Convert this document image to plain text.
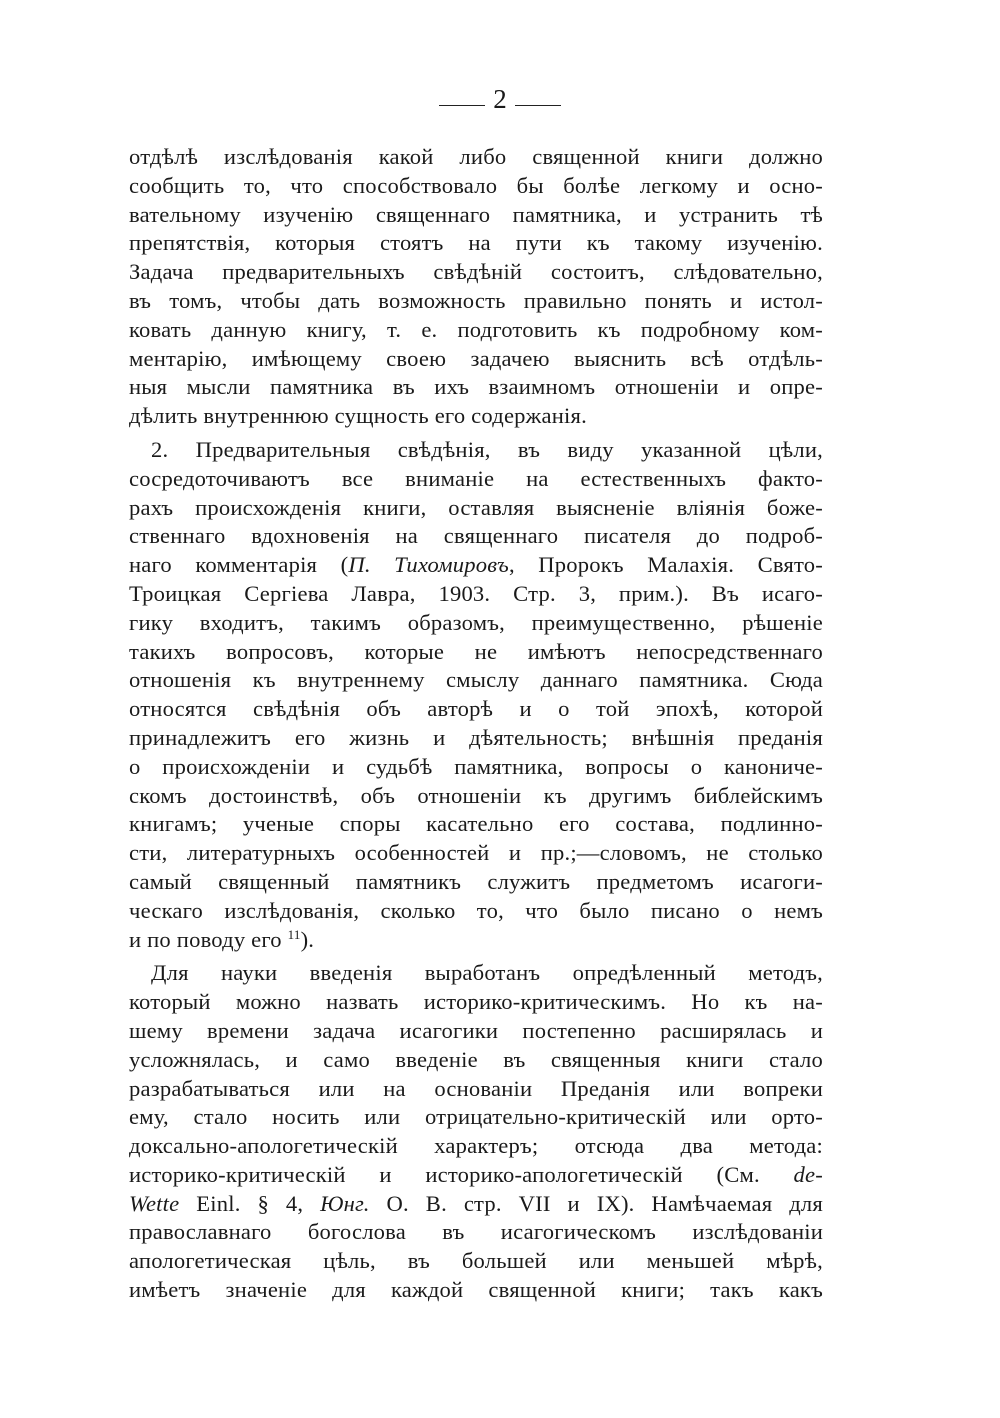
2
отдѣлѣ изслѣдованія какой либо священной книги должно
сообщить то, что способствовало бы болѣе легкому и осно-
вательному изученію священнаго памятника, и устранить тѣ
препятствія, которыя стоятъ на пути къ такому изученію.
Задача предварительныхъ свѣдѣній состоитъ, слѣдовательно,
въ томъ, чтобы дать возможность правильно понять и истол-
ковать данную книгу, т. е. подготовить къ подробному ком-
ментарію, имѣющему своею задачею выяснить всѣ отдѣль-
ныя мысли памятника въ ихъ взаимномъ отношеніи и опре-
дѣлить внутреннюю сущность его содержанія.
2. Предварительныя свѣдѣнія, въ виду указанной цѣли,
сосредоточиваютъ все вниманіе на естественныхъ факто-
рахъ происхожденія книги, оставляя выясненіе вліянія боже-
ственнаго вдохновенія на священнаго писателя до подроб-
наго комментарія (П. Тихомировъ, Пророкъ Малахія. Свято-
Троицкая Сергіева Лавра, 1903. Стр. 3, прим.). Въ исаго-
гику входитъ, такимъ образомъ, преимущественно, рѣшеніе
такихъ вопросовъ, которые не имѣютъ непосредственнаго
отношенія къ внутреннему смыслу даннаго памятника. Сюда
относятся свѣдѣнія объ авторѣ и о той эпохѣ, которой
принадлежитъ его жизнь и дѣятельность; внѣшнія преданія
о происхожденіи и судьбѣ памятника, вопросы о канониче-
скомъ достоинствѣ, объ отношеніи къ другимъ библейскимъ
книгамъ; ученые споры касательно его состава, подлинно-
сти, литературныхъ особенностей и пр.;—словомъ, не столько
самый священный памятникъ служитъ предметомъ исагоги-
ческаго изслѣдованія, сколько то, что было писано о немъ
и по поводу его $^{11}$).
Для науки введенія выработанъ опредѣленный методъ,
который можно назвать историко-критическимъ. Но къ на-
шему времени задача исагогики постепенно расширялась и
усложнялась, и само введеніе въ священныя книги стало
разрабатываться или на основаніи Преданія или вопреки
ему, стало носить или отрицательно-критическій или орто-
доксально-апологетическій характеръ; отсюда два метода:
историко-критическій и историко-апологетическій (См. de-
Wette Einl. § 4, Юнг. О. В. стр. VII и IX). Намѣчаемая для
православнаго богослова въ исагогическомъ изслѣдованіи
апологетическая цѣль, въ большей или меньшей мѣрѣ,
имѣетъ значеніе для каждой священной книги; такъ какъ
